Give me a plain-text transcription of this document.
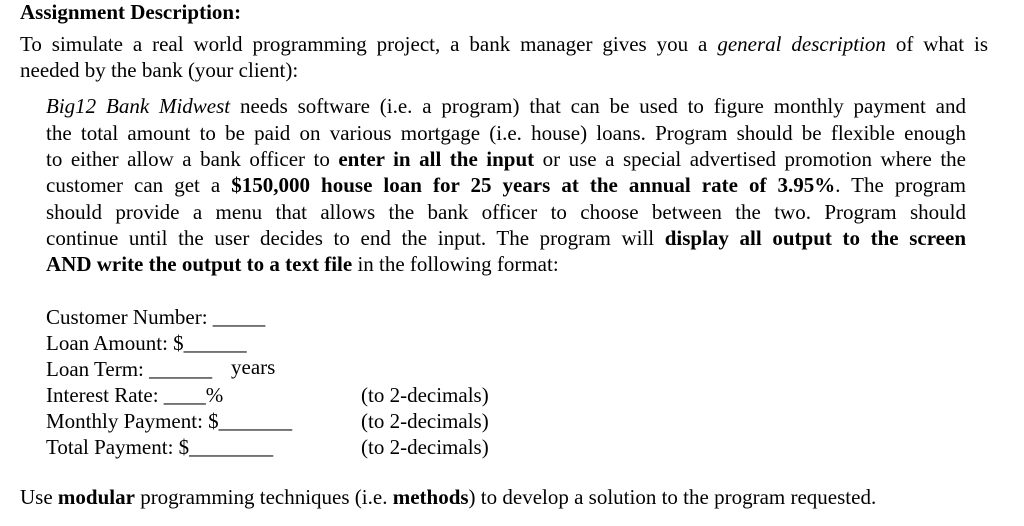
Assignment Description:
To simulate a real world programming project, a bank manager gives you a general description of what is
needed by the bank (your client):
Big12 Bank Midwest needs software (i.e. a program) that can be used to figure monthly payment and
the total amount to be paid on various mortgage (i.e. house) loans. Program should be flexible enough
to either allow a bank officer to enter in all the input or use a special advertised promotion where the
customer can get a $150,000 house loan for 25 years at the annual rate of 3.95%. The program
should provide a menu that allows the bank officer to choose between the two. Program should
continue until the user decides to end the input. The program will display all output to the screen
AND write the output to a text file in the following format:
Customer Number: _____
Loan Amount: $______
Loan Term: ______ years
Interest Rate: ____%
Monthly Payment: $_______
Total Payment: $________
(to 2-decimals)
(to 2-decimals)
(to 2-decimals)
Use modular programming techniques (i.e. methods) to develop a solution to the program requested.
